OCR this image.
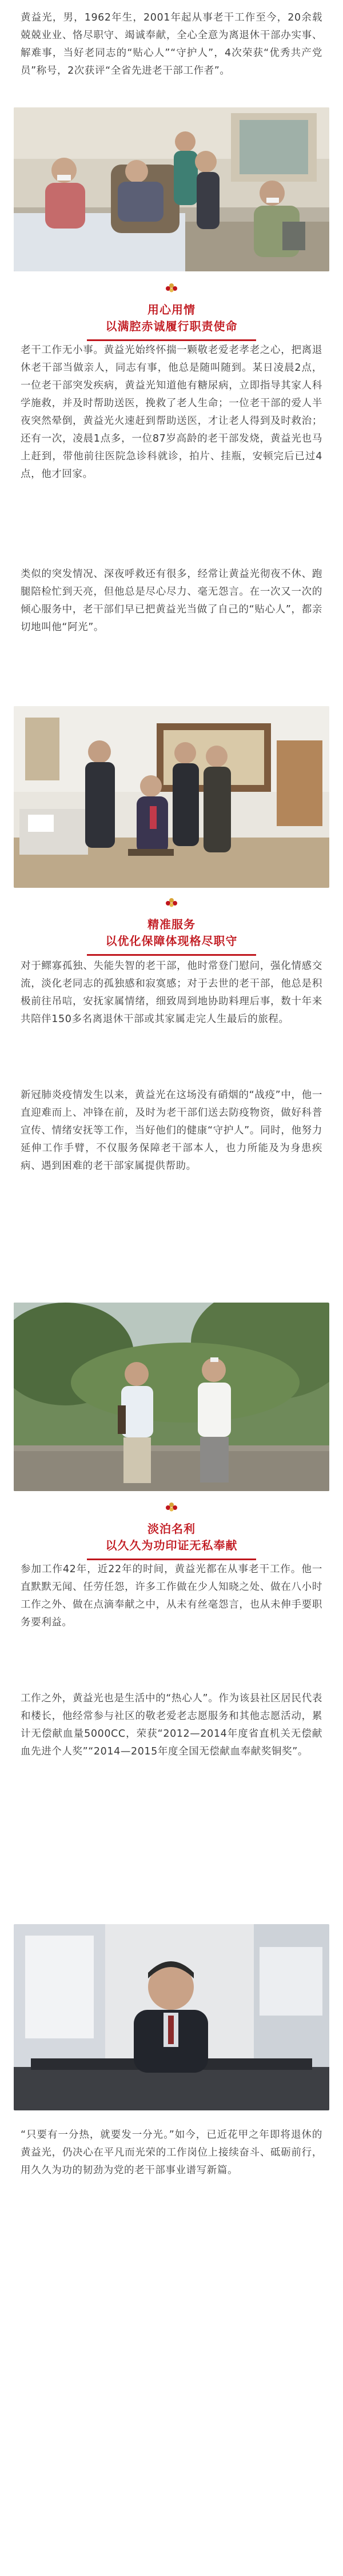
黄益光，男，1962年生，2001年起从事老干工作至今，20余载兢兢业业、恪尽职守、竭诚奉献，全心全意为离退休干部办实事、解难事，当好老同志的“贴心人”“守护人”，4次荣获“优秀共产党员”称号，2次获评“全省先进老干部工作者”。

用心用情
以满腔赤诚履行职责使命

老干工作无小事。黄益光始终怀揣一颗敬老爱老孝老之心，把离退休老干部当做亲人，同志有事，他总是随叫随到。某日凌晨2点，一位老干部突发疾病，黄益光知道他有糖尿病，立即指导其家人科学施救，并及时帮助送医，挽救了老人生命；一位老干部的爱人半夜突然晕倒，黄益光火速赶到帮助送医，才让老人得到及时救治；还有一次，凌晨1点多，一位87岁高龄的老干部发烧，黄益光也马上赶到，带他前往医院急诊科就诊，拍片、挂瓶，安顿完后已过4点，他才回家。

类似的突发情况、深夜呼救还有很多，经常让黄益光彻夜不休、跑腿陪检忙到天亮，但他总是尽心尽力、毫无怨言。在一次又一次的倾心服务中，老干部们早已把黄益光当做了自己的“贴心人”，都亲切地叫他“阿光”。

精准服务
以优化保障体现格尽职守

对于鳏寡孤独、失能失智的老干部，他时常登门慰问，强化情感交流，淡化老同志的孤独感和寂寞感；对于去世的老干部，他总是积极前往吊唁，安抚家属情绪，细致周到地协助料理后事，数十年来共陪伴150多名离退休干部或其家属走完人生最后的旅程。

新冠肺炎疫情发生以来，黄益光在这场没有硝烟的“战疫”中，他一直迎难而上、冲锋在前，及时为老干部们送去防疫物资，做好科普宣传、情绪安抚等工作，当好他们的健康“守护人”。同时，他努力延伸工作手臂，不仅服务保障老干部本人，也力所能及为身患疾病、遇到困难的老干部家属提供帮助。

淡泊名利
以久久为功印证无私奉献

参加工作42年，近22年的时间，黄益光都在从事老干工作。他一直默默无闻、任劳任怨，许多工作做在少人知晓之处、做在八小时工作之外、做在点滴奉献之中，从未有丝毫怨言，也从未伸手要职务要利益。

工作之外，黄益光也是生活中的“热心人”。作为该县社区居民代表和楼长，他经常参与社区的敬老爱老志愿服务和其他志愿活动，累计无偿献血量5000CC，荣获“2012—2014年度省直机关无偿献血先进个人奖”“2014—2015年度全国无偿献血奉献奖铜奖”。

“只要有一分热，就要发一分光。”如今，已近花甲之年即将退休的黄益光，仍决心在平凡而光荣的工作岗位上接续奋斗、砥砺前行，用久久为功的韧劲为党的老干部事业谱写新篇。
